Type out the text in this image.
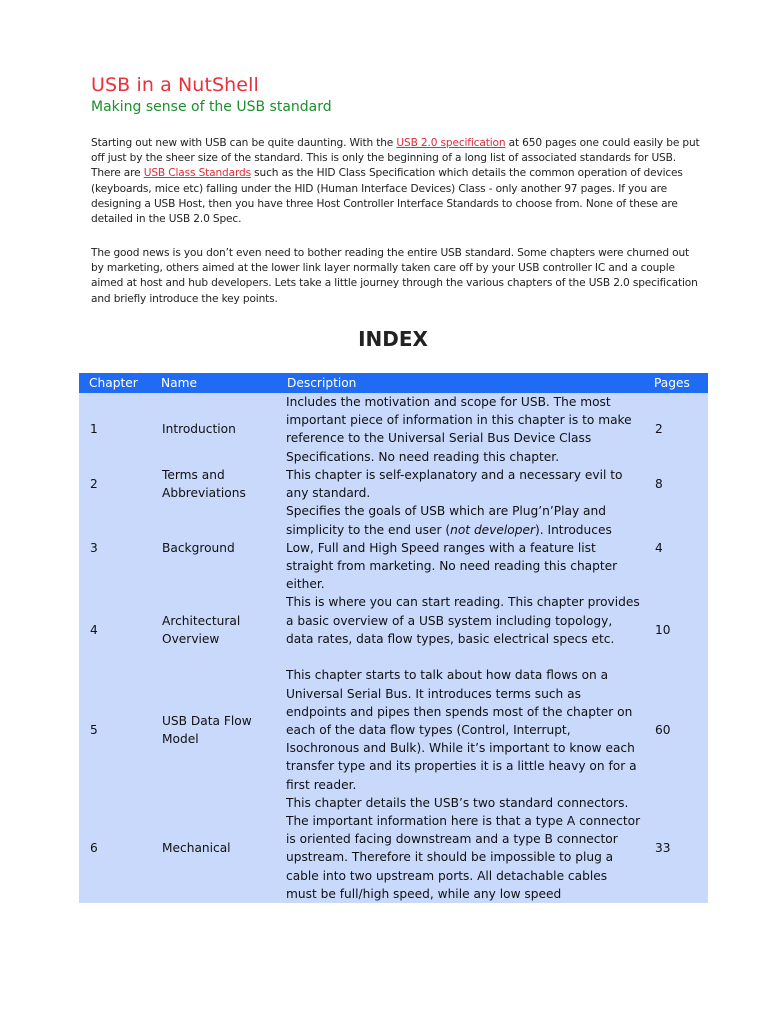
USB in a NutShell
Making sense of the USB standard

Starting out new with USB can be quite daunting. With the USB 2.0 specification at 650 pages one could easily be put off just by the sheer size of the standard. This is only the beginning of a long list of associated standards for USB. There are USB Class Standards such as the HID Class Specification which details the common operation of devices (keyboards, mice etc) falling under the HID (Human Interface Devices) Class - only another 97 pages. If you are designing a USB Host, then you have three Host Controller Interface Standards to choose from. None of these are detailed in the USB 2.0 Spec.

The good news is you don’t even need to bother reading the entire USB standard. Some chapters were churned out by marketing, others aimed at the lower link layer normally taken care off by your USB controller IC and a couple aimed at host and hub developers. Lets take a little journey through the various chapters of the USB 2.0 specification and briefly introduce the key points.

INDEX
Chapter	Name	Description	Pages
1	Introduction	Includes the motivation and scope for USB. The most important piece of information in this chapter is to make reference to the Universal Serial Bus Device Class Specifications. No need reading this chapter.	2
2	Terms and Abbreviations	This chapter is self-explanatory and a necessary evil to any standard.	8
3	Background	Specifies the goals of USB which are Plug’n’Play and simplicity to the end user (not developer). Introduces Low, Full and High Speed ranges with a feature list straight from marketing. No need reading this chapter either.	4
4	Architectural Overview	This is where you can start reading. This chapter provides a basic overview of a USB system including topology, data rates, data flow types, basic electrical specs etc.	10
5	USB Data Flow Model	This chapter starts to talk about how data flows on a Universal Serial Bus. It introduces terms such as endpoints and pipes then spends most of the chapter on each of the data flow types (Control, Interrupt, Isochronous and Bulk). While it’s important to know each transfer type and its properties it is a little heavy on for a first reader.	60
6	Mechanical	This chapter details the USB’s two standard connectors. The important information here is that a type A connector is oriented facing downstream and a type B connector upstream. Therefore it should be impossible to plug a cable into two upstream ports. All detachable cables must be full/high speed, while any low speed	33
